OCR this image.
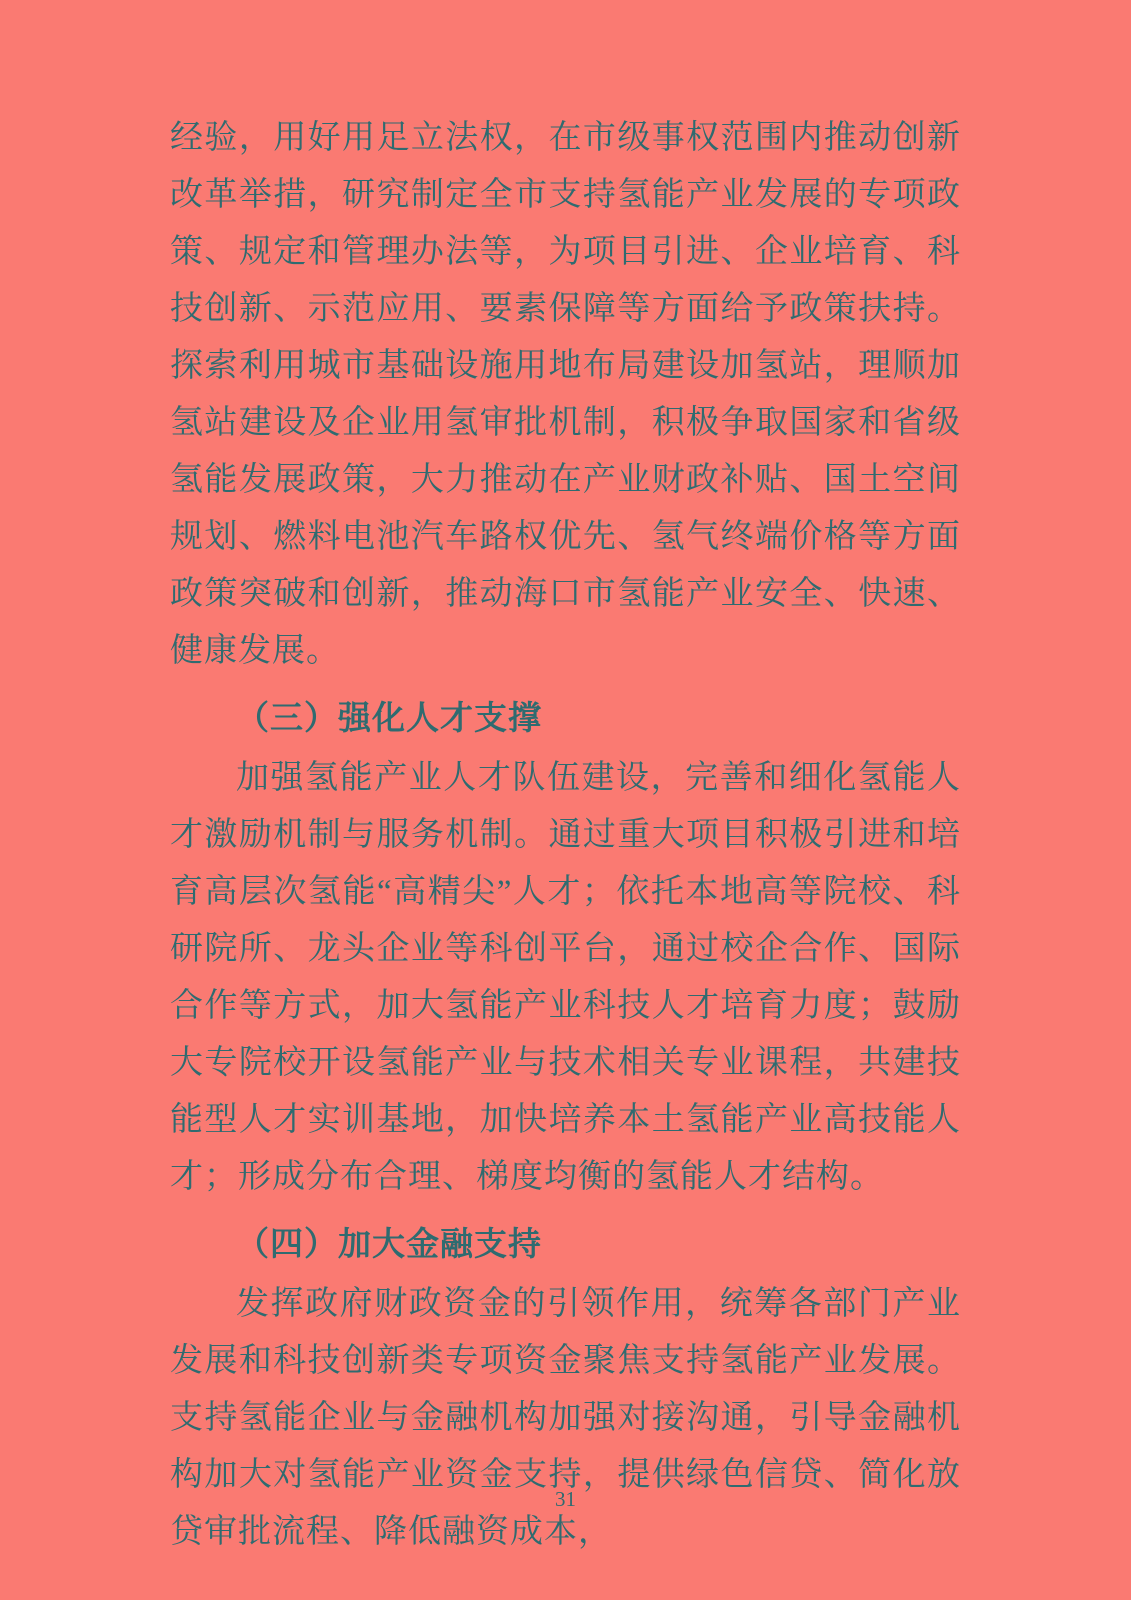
经验，用好用足立法权，在市级事权范围内推动创新改革举措，研究制定全市支持氢能产业发展的专项政策、规定和管理办法等，为项目引进、企业培育、科技创新、示范应用、要素保障等方面给予政策扶持。探索利用城市基础设施用地布局建设加氢站，理顺加氢站建设及企业用氢审批机制，积极争取国家和省级氢能发展政策，大力推动在产业财政补贴、国土空间规划、燃料电池汽车路权优先、氢气终端价格等方面政策突破和创新，推动海口市氢能产业安全、快速、健康发展。

（三）强化人才支撑

加强氢能产业人才队伍建设，完善和细化氢能人才激励机制与服务机制。通过重大项目积极引进和培育高层次氢能“高精尖”人才；依托本地高等院校、科研院所、龙头企业等科创平台，通过校企合作、国际合作等方式，加大氢能产业科技人才培育力度；鼓励大专院校开设氢能产业与技术相关专业课程，共建技能型人才实训基地，加快培养本土氢能产业高技能人才；形成分布合理、梯度均衡的氢能人才结构。

（四）加大金融支持

发挥政府财政资金的引领作用，统筹各部门产业发展和科技创新类专项资金聚焦支持氢能产业发展。支持氢能企业与金融机构加强对接沟通，引导金融机构加大对氢能产业资金支持，提供绿色信贷、简化放贷审批流程、降低融资成本，

31
